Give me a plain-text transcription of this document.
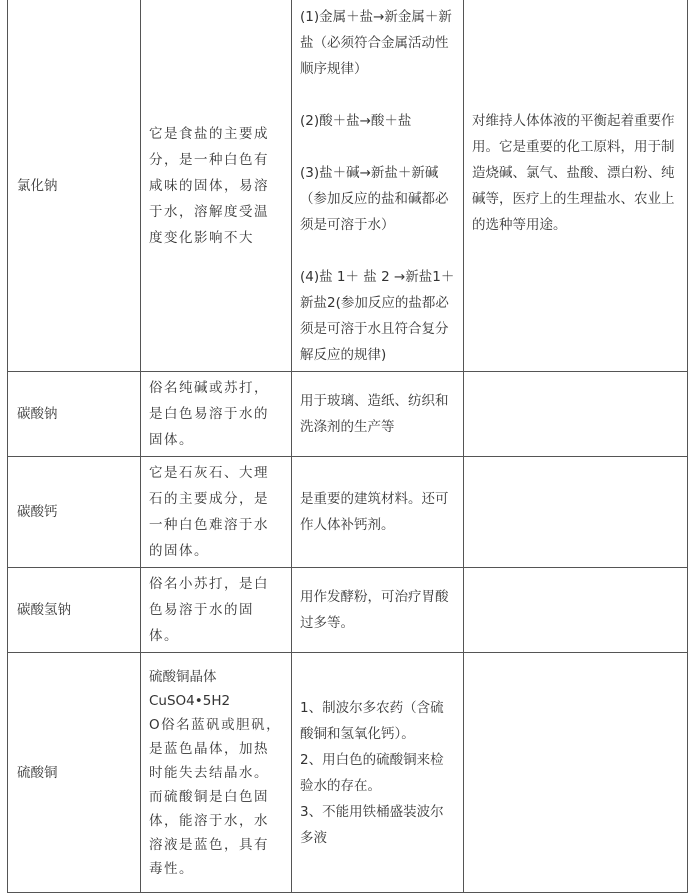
氯化钠	它是食盐的主要成分，是一种白色有咸味的固体，易溶于水，溶解度受温度变化影响不大	(1)金属＋盐→新金属＋新盐（必须符合金属活动性顺序规律）
(2)酸＋盐→酸＋盐
(3)盐＋碱→新盐＋新碱（参加反应的盐和碱都必须是可溶于水）
(4)盐 1＋ 盐 2 →新盐1＋新盐2(参加反应的盐都必须是可溶于水且符合复分解反应的规律)	对维持人体体液的平衡起着重要作用。它是重要的化工原料，用于制造烧碱、氯气、盐酸、漂白粉、纯碱等，医疗上的生理盐水、农业上的选种等用途。
碳酸钠	俗名纯碱或苏打，是白色易溶于水的固体。	用于玻璃、造纸、纺织和洗涤剂的生产等	
碳酸钙	它是石灰石、大理石的主要成分，是一种白色难溶于水的固体。	是重要的建筑材料。还可作人体补钙剂。	
碳酸氢钠	俗名小苏打，是白色易溶于水的固体。	用作发酵粉，可治疗胃酸过多等。	
硫酸铜	硫酸铜晶体
CuSO4•5H2
O俗名蓝矾或胆矾，是蓝色晶体，加热时能失去结晶水。而硫酸铜是白色固体，能溶于水，水溶液是蓝色，具有毒性。	1、制波尔多农药（含硫酸铜和氢氧化钙）。
2、用白色的硫酸铜来检验水的存在。
3、不能用铁桶盛装波尔多液	
